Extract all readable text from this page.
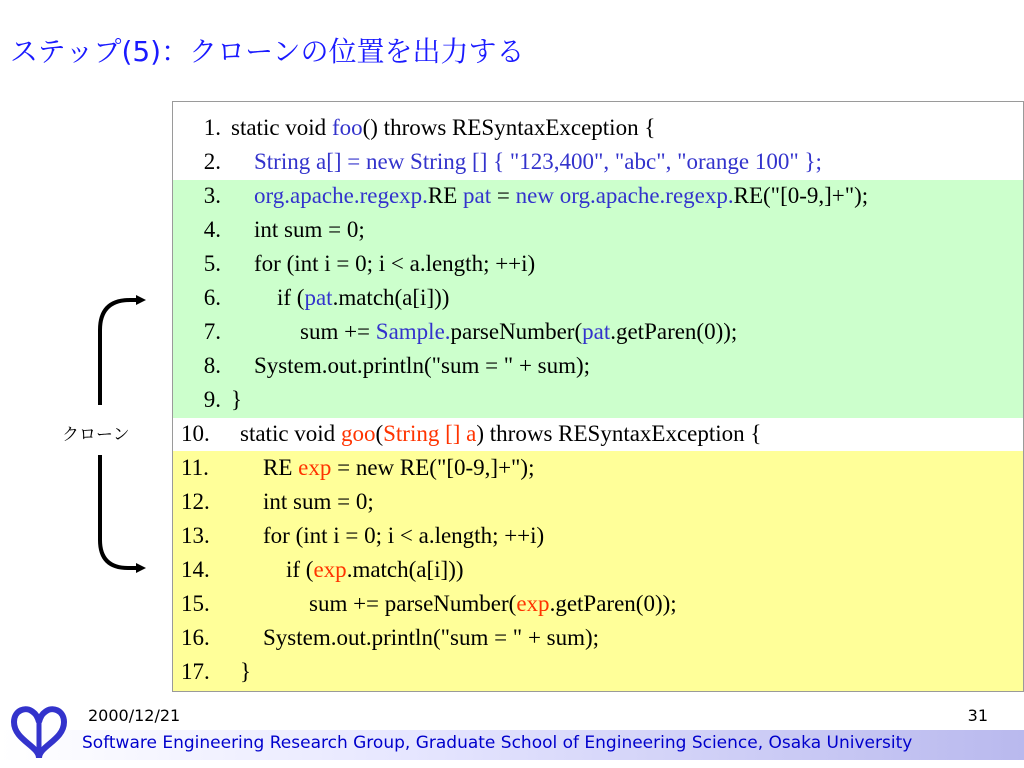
ステップ(5)：クローンの位置を出力する
1. static void foo() throws RESyntaxException {
2. String a[] = new String [] { "123,400", "abc", "orange 100" };
3. org.apache.regexp.RE pat = new org.apache.regexp.RE("[0-9,]+");
4. int sum = 0;
5. for (int i = 0; i < a.length; ++i)
6. if (pat.match(a[i]))
7. sum += Sample.parseNumber(pat.getParen(0));
8. System.out.println("sum = " + sum);
9. }
10.	static void goo(String [] a) throws RESyntaxException {
11.	RE exp = new RE("[0-9,]+");
12.	int sum = 0;
13.	for (int i = 0; i < a.length; ++i)
14.	if (exp.match(a[i]))
15.	sum += parseNumber(exp.getParen(0));
16.	System.out.println("sum = " + sum);
17.	}
クローン
2000/12/21	31
Software Engineering Research Group, Graduate School of Engineering Science, Osaka University
